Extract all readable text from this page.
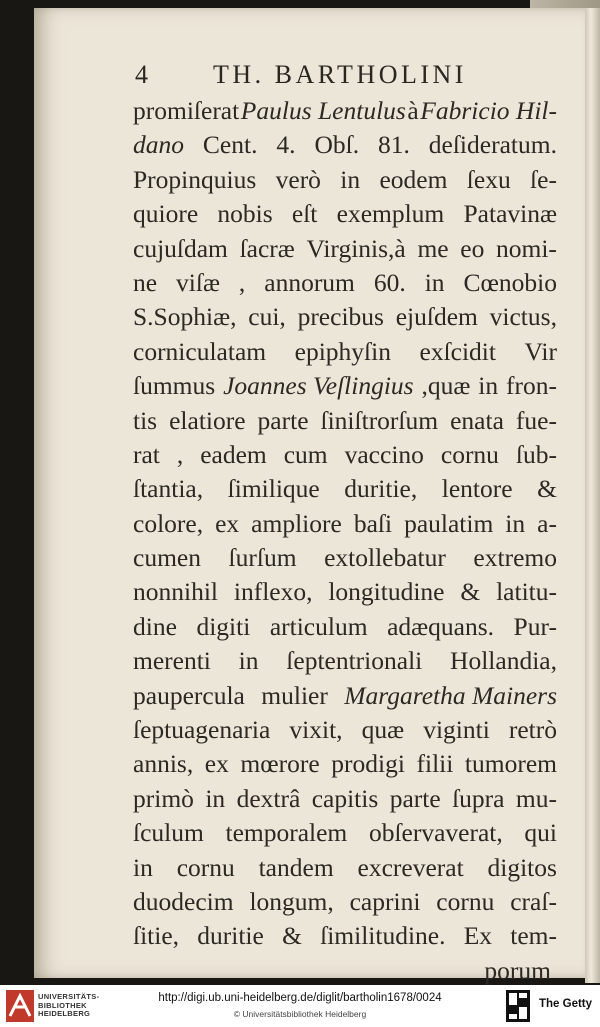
4	TH. BARTHOLINI
promiſerat Paulus Lentulus à Fabricio Hil-
dano Cent. 4. Obſ. 81. deſideratum.
Propinquius verò in eodem ſexu ſe-
quiore nobis eſt exemplum Patavinæ
cujuſdam ſacræ Virginis,à me eo nomi-
ne viſæ , annorum 60. in Cœnobio
S.Sophiæ, cui, precibus ejuſdem victus,
corniculatam epiphyſin exſcidit Vir
ſummus Joannes Veſlingius ,quæ in fron-
tis elatiore parte ſiniſtrorſum enata fue-
rat , eadem cum vaccino cornu ſub-
ſtantia, ſimilique duritie, lentore &
colore, ex ampliore baſi paulatim in a-
cumen ſurſum extollebatur extremo
nonnihil inflexo, longitudine & latitu-
dine digiti articulum adæquans. Pur-
merenti in ſeptentrionali Hollandia,
paupercula mulier Margaretha Mainers
ſeptuagenaria vixit, quæ viginti retrò
annis, ex mœrore prodigi filii tumorem
primò in dextrâ capitis parte ſupra mu-
ſculum temporalem obſervaverat, qui
in cornu tandem excreverat digitos
duodecim longum, caprini cornu craſ-
ſitie, duritie & ſimilitudine. Ex tem-
porum
UNIVERSITÄTS-
BIBLIOTHEK
HEIDELBERG
http://digi.ub.uni-heidelberg.de/diglit/bartholin1678/0024
© Universitätsbibliothek Heidelberg
The Getty
